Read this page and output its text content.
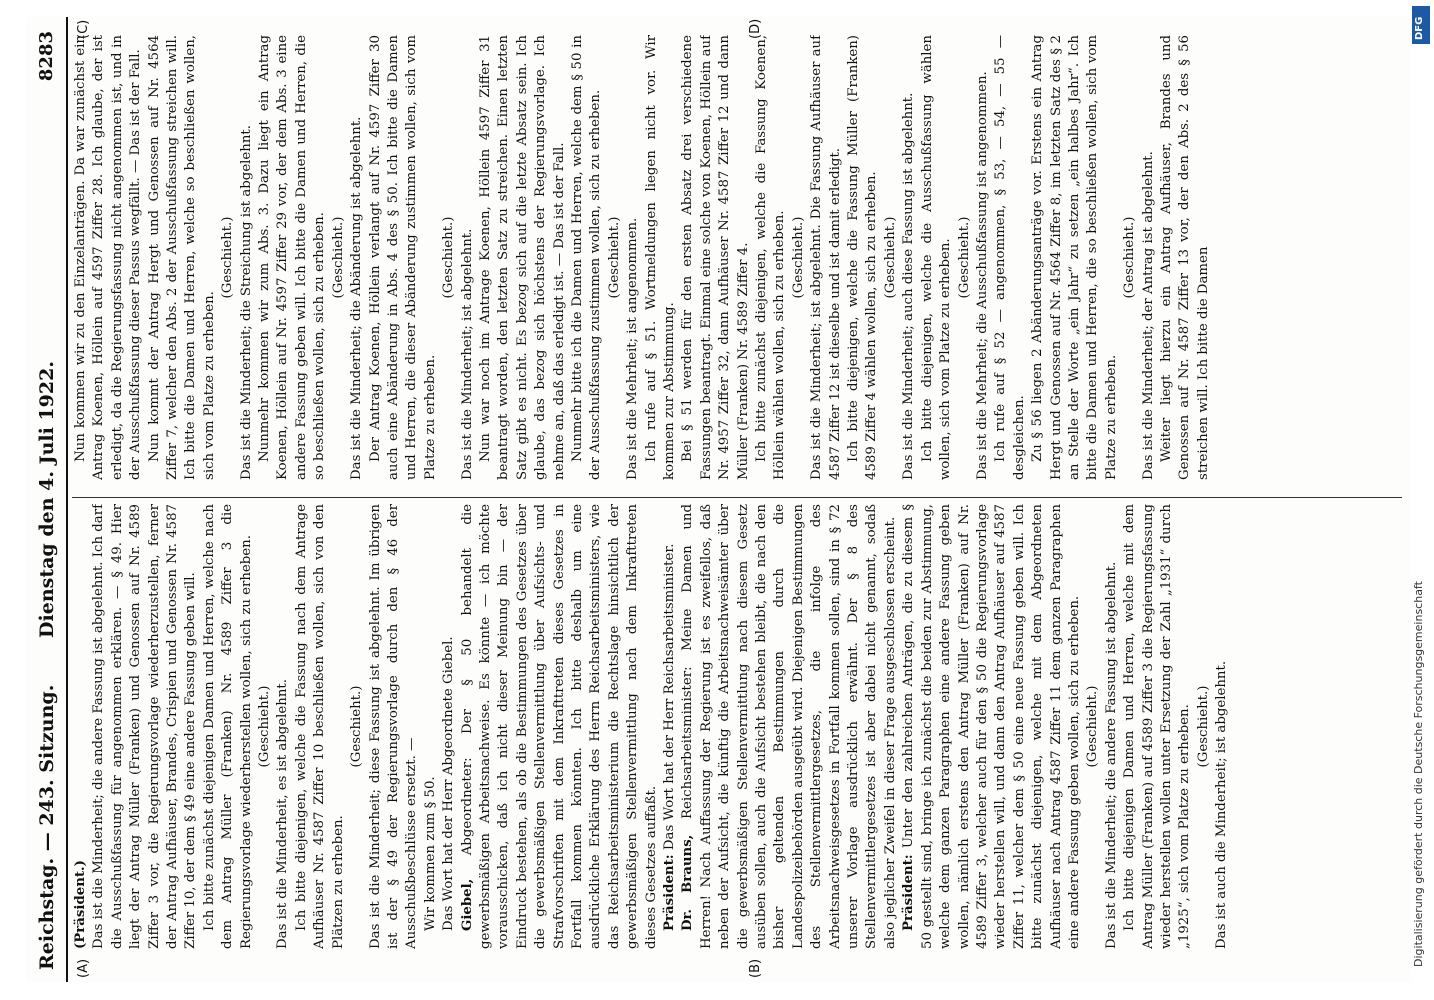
Reichstag. — 243. Sitzung.
Dienstag den 4. Juli 1922.
8283
(A)	(B)
(C)	(D)

(Präsident.) Das ist die Minderheit; die andere Fassung ist abgelehnt. Ich darf die Ausschußfassung für angenommen erklären. — § 49. Hier liegt der Antrag Müller (Franken) und Genossen auf Nr. 4589 Ziffer 3 vor, die Regierungsvorlage wiederherzustellen, ferner der Antrag Aufhäuser, Brandes, Crispien und Genossen Nr. 4587 Ziffer 10, der dem § 49 eine andere Fassung geben will. Ich bitte zunächst diejenigen Damen und Herren, welche nach dem Antrag Müller (Franken) Nr. 4589 Ziffer 3 die Regierungsvorlage wiederherstellen wollen, sich zu erheben. (Geschieht.) Das ist die Minderheit, es ist abgelehnt. Ich bitte diejenigen, welche die Fassung nach dem Antrage Aufhäuser Nr. 4587 Ziffer 10 beschließen wollen, sich von den Plätzen zu erheben.

(Geschieht.) Das ist die Minderheit; diese Fassung ist abgelehnt. Im übrigen ist der § 49 der Regierungsvorlage durch den § 46 der Ausschußbeschlüsse ersetzt. — Wir kommen zum § 50. Das Wort hat der Herr Abgeordnete Giebel. Giebel, Abgeordneter: Der § 50 behandelt die gewerbsmäßigen Arbeitsnachweise. Es könnte — ich möchte vorausschicken, daß ich nicht dieser Meinung bin — der Eindruck bestehen, als ob die Bestimmungen des Gesetzes über die gewerbsmäßigen Stellenvermittlung über Aufsichts- und Strafvorschriften mit dem Inkrafttreten dieses Gesetzes in Fortfall kommen könnten. Ich bitte deshalb um eine ausdrückliche Erklärung des Herrn Reichsarbeitsministers, wie das Reichsarbeitsministerium die Rechtslage hinsichtlich der gewerbsmäßigen Stellenvermittlung nach dem Inkrafttreten dieses Gesetzes auffaßt. Präsident: Das Wort hat der Herr Reichsarbeitsminister.

Dr. Brauns, Reichsarbeitsminister: Meine Damen und Herren! Nach Auffassung der Regierung ist es zweifellos, daß neben der Aufsicht, die künftig die Arbeitsnachweisämter über die gewerbsmäßigen Stellenvermittlung nach diesem Gesetz ausüben sollen, auch die Aufsicht bestehen bleibt, die nach den bisher geltenden Bestimmungen durch die Landespolizeibehörden ausgeübt wird. Diejenigen Bestimmungen des Stellenvermittlergesetzes, die infolge des Arbeitsnachweisgesetzes in Fortfall kommen sollen, sind in § 72 unserer Vorlage ausdrücklich erwähnt. Der § 8 des Stellenvermittlergesetzes ist aber dabei nicht genannt, sodaß also jeglicher Zweifel in dieser Frage ausgeschlossen erscheint. Präsident: Unter den zahlreichen Anträgen, die zu diesem § 50 gestellt sind, bringe ich zunächst die beiden zur Abstimmung, welche dem ganzen Paragraphen eine andere Fassung geben wollen, nämlich erstens den Antrag Müller (Franken) auf Nr. 4589 Ziffer 3, welcher auch für den § 50 die Regierungsvorlage wieder herstellen will, und dann den Antrag Aufhäuser auf 4587 Ziffer 11, welcher dem § 50 eine neue Fassung geben will. Ich bitte zunächst diejenigen, welche mit dem Abgeordneten Aufhäuser nach Antrag 4587 Ziffer 11 dem ganzen Paragraphen eine andere Fassung geben wollen, sich zu erheben. (Geschieht.) Das ist die Minderheit; die andere Fassung ist abgelehnt. Ich bitte diejenigen Damen und Herren, welche mit dem Antrag Müller (Franken) auf 4589 Ziffer 3 die Regierungsfassung wieder herstellen wollen unter Ersetzung der Zahl „1931“ durch „1925“, sich vom Platze zu erheben. (Geschieht.) Das ist auch die Minderheit; ist abgelehnt.

Nun kommen wir zu den Einzelanträgen. Da war zunächst ein Antrag Koenen, Höllein auf 4597 Ziffer 28. Ich glaube, der ist erledigt, da die Regierungsfassung nicht angenommen ist, und in der Ausschußfassung dieser Passus wegfällt. — Das ist der Fall. Nun kommt der Antrag Hergt und Genossen auf Nr. 4564 Ziffer 7, welcher den Abs. 2 der Ausschußfassung streichen will. Ich bitte die Damen und Herren, welche so beschließen wollen, sich vom Platze zu erheben.

(Geschieht.) Das ist die Minderheit; die Streichung ist abgelehnt. Nunmehr kommen wir zum Abs. 3. Dazu liegt ein Antrag Koenen, Höllein auf Nr. 4597 Ziffer 29 vor, der dem Abs. 3 eine andere Fassung geben will. Ich bitte die Damen und Herren, die so beschließen wollen, sich zu erheben. (Geschieht.) Das ist die Minderheit; die Abänderung ist abgelehnt. Der Antrag Koenen, Höllein verlangt auf Nr. 4597 Ziffer 30 auch eine Abänderung in Abs. 4 des § 50. Ich bitte die Damen und Herren, die dieser Abänderung zustimmen wollen, sich vom Platze zu erheben.

(Geschieht.) Das ist die Minderheit; ist abgelehnt. Nun war noch im Antrage Koenen, Höllein 4597 Ziffer 31 beantragt worden, den letzten Satz zu streichen. Einen letzten Satz gibt es nicht. Es bezog sich auf die letzte Absatz sein. Ich glaube, das bezog sich höchstens der Regierungsvorlage. Ich nehme an, daß das erledigt ist. — Das ist der Fall. Nunmehr bitte ich die Damen und Herren, welche dem § 50 in der Ausschußfassung zustimmen wollen, sich zu erheben. (Geschieht.) Das ist die Mehrheit; ist angenommen. Ich rufe auf § 51. Wortmeldungen liegen nicht vor. Wir kommen zur Abstimmung. Bei § 51 werden für den ersten Absatz drei verschiedene Fassungen beantragt. Einmal eine solche von Koenen, Höllein auf Nr. 4957 Ziffer 32, dann Aufhäuser Nr. 4587 Ziffer 12 und dann Müller (Franken) Nr. 4589 Ziffer 4. Ich bitte zunächst diejenigen, welche die Fassung Koenen, Höllein wählen wollen, sich zu erheben. (Geschieht.) Das ist die Minderheit; ist abgelehnt. Die Fassung Aufhäuser auf 4587 Ziffer 12 ist dieselbe und ist damit erledigt. Ich bitte diejenigen, welche die Fassung Müller (Franken) 4589 Ziffer 4 wählen wollen, sich zu erheben. (Geschieht.) Das ist die Minderheit; auch diese Fassung ist abgelehnt. Ich bitte diejenigen, welche die Ausschußfassung wählen wollen, sich vom Platze zu erheben. (Geschieht.) Das ist die Mehrheit; die Ausschußfassung ist angenommen. Ich rufe auf § 52 — angenommen, § 53, — 54, — 55 — desgleichen. Zu § 56 liegen 2 Abänderungsanträge vor. Erstens ein Antrag Hergt und Genossen auf Nr. 4564 Ziffer 8, im letzten Satz des § 2 an Stelle der Worte „ein Jahr“ zu setzen „ein halbes Jahr“. Ich bitte die Damen und Herren, die so beschließen wollen, sich vom Platze zu erheben.

(Geschieht.) Das ist die Minderheit; der Antrag ist abgelehnt. Weiter liegt hierzu ein Antrag Aufhäuser, Brandes und Genossen auf Nr. 4587 Ziffer 13 vor, der den Abs. 2 des § 56 streichen will. Ich bitte die Damen

DFG
Digitalisierung gefördert durch die Deutsche Forschungsgemeinschaft
